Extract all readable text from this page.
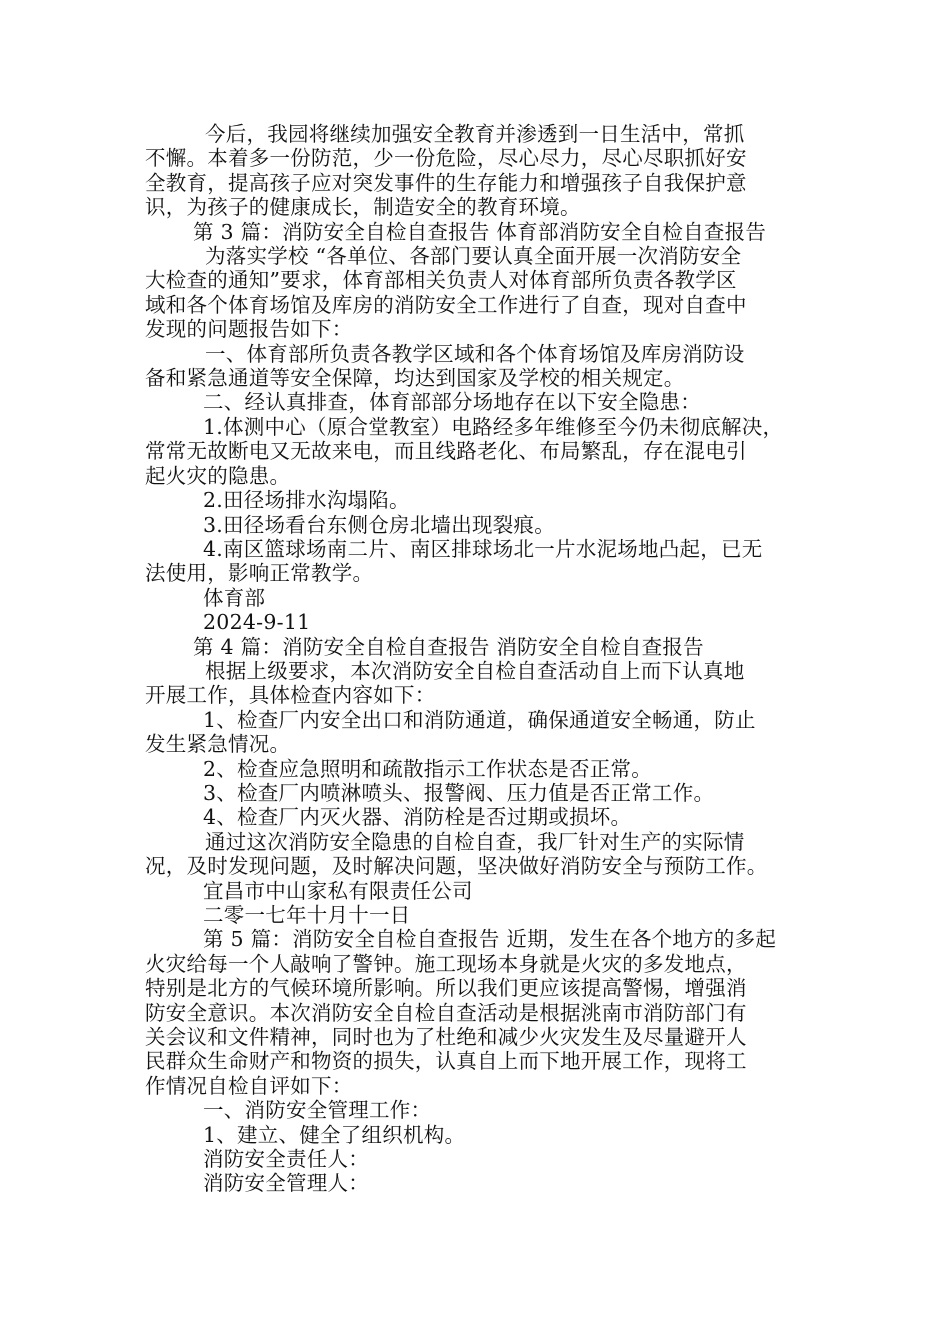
今后，我园将继续加强安全教育并渗透到一日生活中，常抓
不懈。本着多一份防范，少一份危险，尽心尽力，尽心尽职抓好安
全教育，提高孩子应对突发事件的生存能力和增强孩子自我保护意
识，为孩子的健康成长，制造安全的教育环境。
第 3 篇：消防安全自检自查报告 体育部消防安全自检自查报告
为落实学校 “各单位、各部门要认真全面开展一次消防安全
大检查的通知”要求，体育部相关负责人对体育部所负责各教学区
域和各个体育场馆及库房的消防安全工作进行了自查，现对自查中
发现的问题报告如下：
一、体育部所负责各教学区域和各个体育场馆及库房消防设
备和紧急通道等安全保障，均达到国家及学校的相关规定。
二、经认真排查，体育部部分场地存在以下安全隐患：
1.体测中心（原合堂教室）电路经多年维修至今仍未彻底解决，
常常无故断电又无故来电，而且线路老化、布局繁乱，存在混电引
起火灾的隐患。
2.田径场排水沟塌陷。
3.田径场看台东侧仓房北墙出现裂痕。
4.南区篮球场南二片、南区排球场北一片水泥场地凸起，已无
法使用，影响正常教学。
体育部
2024-9-11
第 4 篇：消防安全自检自查报告 消防安全自检自查报告
根据上级要求，本次消防安全自检自查活动自上而下认真地
开展工作，具体检查内容如下：
1、检查厂内安全出口和消防通道，确保通道安全畅通，防止
发生紧急情况。
2、检查应急照明和疏散指示工作状态是否正常。
3、检查厂内喷淋喷头、报警阀、压力值是否正常工作。
4、检查厂内灭火器、消防栓是否过期或损坏。
通过这次消防安全隐患的自检自查，我厂针对生产的实际情
况，及时发现问题，及时解决问题，坚决做好消防安全与预防工作。
宜昌市中山家私有限责任公司
二零一七年十月十一日
第 5 篇：消防安全自检自查报告 近期，发生在各个地方的多起
火灾给每一个人敲响了警钟。施工现场本身就是火灾的多发地点，
特别是北方的气候环境所影响。所以我们更应该提高警惕，增强消
防安全意识。本次消防安全自检自查活动是根据洮南市消防部门有
关会议和文件精神，同时也为了杜绝和减少火灾发生及尽量避开人
民群众生命财产和物资的损失，认真自上而下地开展工作，现将工
作情况自检自评如下：
一、消防安全管理工作：
1、建立、健全了组织机构。
消防安全责任人：
消防安全管理人：
